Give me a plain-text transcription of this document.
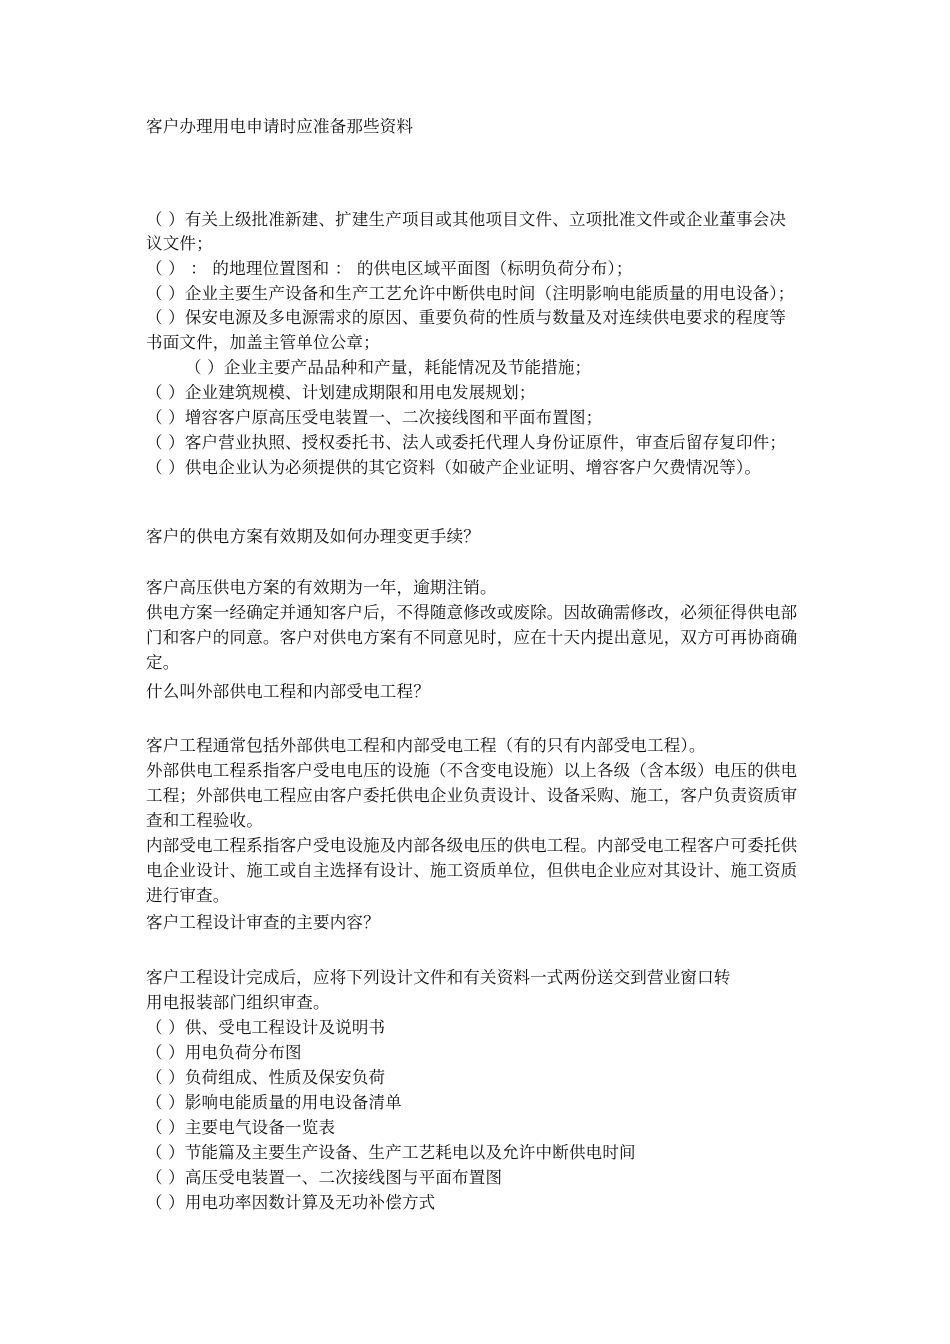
客户办理用电申请时应准备那些资料
（ ）有关上级批准新建、扩建生产项目或其他项目文件、立项批准文件或企业董事会决
议文件；
（ ） ： 的地理位置图和 ： 的供电区域平面图（标明负荷分布）；
（ ）企业主要生产设备和生产工艺允许中断供电时间（注明影响电能质量的用电设备）；
（ ）保安电源及多电源需求的原因、重要负荷的性质与数量及对连续供电要求的程度等
书面文件，加盖主管单位公章；
（ ）企业主要产品品种和产量，耗能情况及节能措施；
（ ）企业建筑规模、计划建成期限和用电发展规划；
（ ）增容客户原高压受电装置一、二次接线图和平面布置图；
（ ）客户营业执照、授权委托书、法人或委托代理人身份证原件，审查后留存复印件；
（ ）供电企业认为必须提供的其它资料（如破产企业证明、增容客户欠费情况等）。
客户的供电方案有效期及如何办理变更手续？
客户高压供电方案的有效期为一年，逾期注销。
供电方案一经确定并通知客户后，不得随意修改或废除。因故确需修改，必须征得供电部
门和客户的同意。客户对供电方案有不同意见时，应在十天内提出意见，双方可再协商确
定。
什么叫外部供电工程和内部受电工程？
客户工程通常包括外部供电工程和内部受电工程（有的只有内部受电工程）。
外部供电工程系指客户受电电压的设施（不含变电设施）以上各级（含本级）电压的供电
工程；外部供电工程应由客户委托供电企业负责设计、设备采购、施工，客户负责资质审
查和工程验收。
内部受电工程系指客户受电设施及内部各级电压的供电工程。内部受电工程客户可委托供
电企业设计、施工或自主选择有设计、施工资质单位，但供电企业应对其设计、施工资质
进行审查。
客户工程设计审查的主要内容？
客户工程设计完成后，应将下列设计文件和有关资料一式两份送交到营业窗口转
用电报装部门组织审查。
（ ）供、受电工程设计及说明书
（ ）用电负荷分布图
（ ）负荷组成、性质及保安负荷
（ ）影响电能质量的用电设备清单
（ ）主要电气设备一览表
（ ）节能篇及主要生产设备、生产工艺耗电以及允许中断供电时间
（ ）高压受电装置一、二次接线图与平面布置图
（ ）用电功率因数计算及无功补偿方式
